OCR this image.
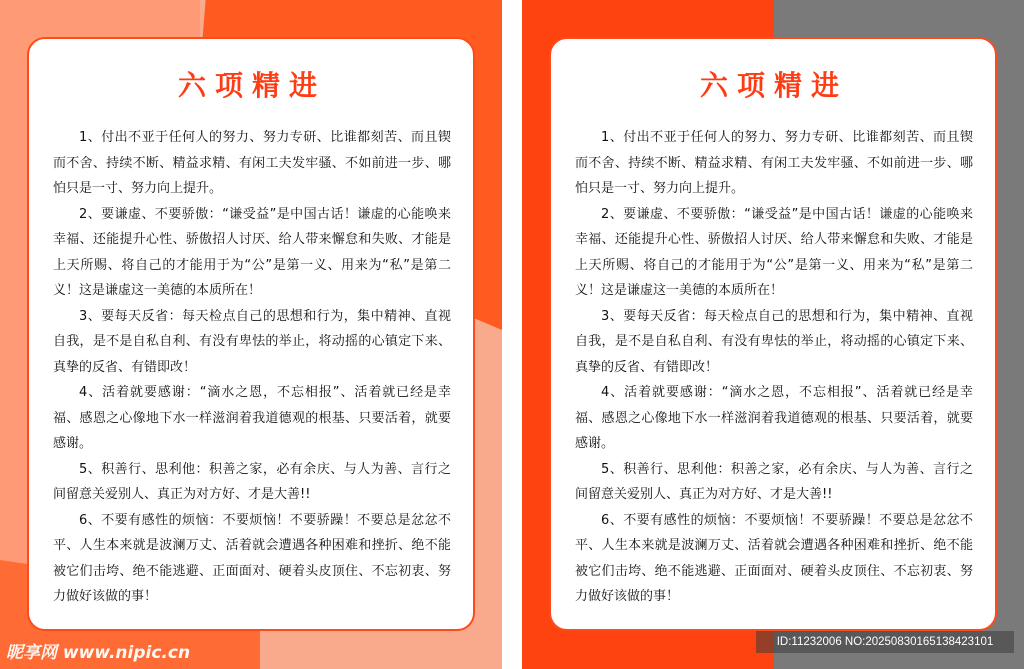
六项精进

1、付出不亚于任何人的努力、努力专研、比谁都刻苦、而且锲而不舍、持续不断、精益求精、有闲工夫发牢骚、不如前进一步、哪怕只是一寸、努力向上提升。

2、要谦虚、不要骄傲：“谦受益”是中国古话！谦虚的心能唤来幸福、还能提升心性、骄傲招人讨厌、给人带来懈怠和失败、才能是上天所赐、将自己的才能用于为“公”是第一义、用来为“私”是第二义！这是谦虚这一美德的本质所在！

3、要每天反省：每天检点自己的思想和行为，集中精神、直视自我，是不是自私自利、有没有卑怯的举止，将动摇的心镇定下来、真挚的反省、有错即改！

4、活着就要感谢：“滴水之恩，不忘相报”、活着就已经是幸福、感恩之心像地下水一样滋润着我道德观的根基、只要活着，就要感谢。

5、积善行、思利他：积善之家，必有余庆、与人为善、言行之间留意关爱别人、真正为对方好、才是大善!!

6、不要有感性的烦恼：不要烦恼！不要骄躁！不要总是忿忿不平、人生本来就是波澜万丈、活着就会遭遇各种困难和挫折、绝不能被它们击垮、绝不能逃避、正面面对、硬着头皮顶住、不忘初衷、努力做好该做的事！

昵享网 www.nipic.cn
六项精进

1、付出不亚于任何人的努力、努力专研、比谁都刻苦、而且锲而不舍、持续不断、精益求精、有闲工夫发牢骚、不如前进一步、哪怕只是一寸、努力向上提升。

2、要谦虚、不要骄傲：“谦受益”是中国古话！谦虚的心能唤来幸福、还能提升心性、骄傲招人讨厌、给人带来懈怠和失败、才能是上天所赐、将自己的才能用于为“公”是第一义、用来为“私”是第二义！这是谦虚这一美德的本质所在！

3、要每天反省：每天检点自己的思想和行为，集中精神、直视自我，是不是自私自利、有没有卑怯的举止，将动摇的心镇定下来、真挚的反省、有错即改！

4、活着就要感谢：“滴水之恩，不忘相报”、活着就已经是幸福、感恩之心像地下水一样滋润着我道德观的根基、只要活着，就要感谢。

5、积善行、思利他：积善之家，必有余庆、与人为善、言行之间留意关爱别人、真正为对方好、才是大善!!

6、不要有感性的烦恼：不要烦恼！不要骄躁！不要总是忿忿不平、人生本来就是波澜万丈、活着就会遭遇各种困难和挫折、绝不能被它们击垮、绝不能逃避、正面面对、硬着头皮顶住、不忘初衷、努力做好该做的事！

ID:11232006 NO:20250830165138423101
